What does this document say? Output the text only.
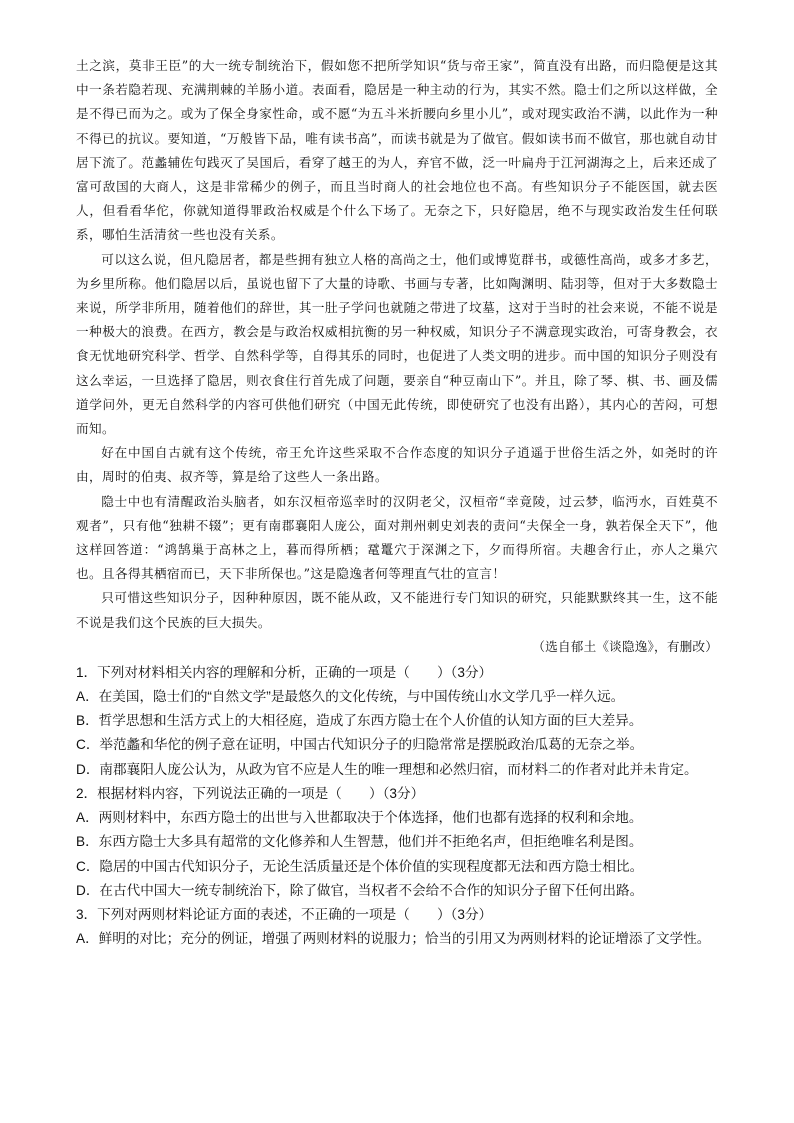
土之滨，莫非王臣”的大一统专制统治下，假如您不把所学知识“货与帝王家”，简直没有出路，而归隐便是这其中一条若隐若现、充满荆棘的羊肠小道。表面看，隐居是一种主动的行为，其实不然。隐士们之所以这样做，全是不得已而为之。或为了保全身家性命，或不愿“为五斗米折腰向乡里小儿”，或对现实政治不满，以此作为一种不得已的抗议。要知道，“万般皆下品，唯有读书高”，而读书就是为了做官。假如读书而不做官，那也就自动甘居下流了。范蠡辅佐句践灭了吴国后，看穿了越王的为人，弃官不做，泛一叶扁舟于江河湖海之上，后来还成了富可敌国的大商人，这是非常稀少的例子，而且当时商人的社会地位也不高。有些知识分子不能医国，就去医人，但看看华佗，你就知道得罪政治权威是个什么下场了。无奈之下，只好隐居，绝不与现实政治发生任何联系，哪怕生活清贫一些也没有关系。

可以这么说，但凡隐居者，都是些拥有独立人格的高尚之士，他们或博览群书，或德性高尚，或多才多艺，为乡里所称。他们隐居以后，虽说也留下了大量的诗歌、书画与专著，比如陶渊明、陆羽等，但对于大多数隐士来说，所学非所用，随着他们的辞世，其一肚子学问也就随之带进了坟墓，这对于当时的社会来说，不能不说是一种极大的浪费。在西方，教会是与政治权威相抗衡的另一种权威，知识分子不满意现实政治，可寄身教会，衣食无忧地研究科学、哲学、自然科学等，自得其乐的同时，也促进了人类文明的进步。而中国的知识分子则没有这么幸运，一旦选择了隐居，则衣食住行首先成了问题，要亲自“种豆南山下”。并且，除了琴、棋、书、画及儒道学问外，更无自然科学的内容可供他们研究（中国无此传统，即使研究了也没有出路），其内心的苦闷，可想而知。

好在中国自古就有这个传统，帝王允许这些采取不合作态度的知识分子逍遥于世俗生活之外，如尧时的许由，周时的伯夷、叔齐等，算是给了这些人一条出路。

隐士中也有清醒政治头脑者，如东汉桓帝巡幸时的汉阴老父，汉桓帝“幸竟陵，过云梦，临沔水，百姓莫不观者”，只有他“独耕不辍”；更有南郡襄阳人庞公，面对荆州刺史刘表的责问“夫保全一身，孰若保全天下”，他这样回答道：“鸿鹄巢于高林之上，暮而得所栖；鼋鼍穴于深渊之下，夕而得所宿。夫趣舍行止，亦人之巢穴也。且各得其栖宿而已，天下非所保也。”这是隐逸者何等理直气壮的宣言！

只可惜这些知识分子，因种种原因，既不能从政，又不能进行专门知识的研究，只能默默终其一生，这不能不说是我们这个民族的巨大损失。

（选自郁土《谈隐逸》，有删改）

1．下列对材料相关内容的理解和分析，正确的一项是（　　）（3分）

A．在美国，隐士们的“自然文学”是最悠久的文化传统，与中国传统山水文学几乎一样久远。

B．哲学思想和生活方式上的大相径庭，造成了东西方隐士在个人价值的认知方面的巨大差异。

C．举范蠡和华佗的例子意在证明，中国古代知识分子的归隐常常是摆脱政治瓜葛的无奈之举。

D．南郡襄阳人庞公认为，从政为官不应是人生的唯一理想和必然归宿，而材料二的作者对此并未肯定。

2．根据材料内容，下列说法正确的一项是（　　）（3分）

A．两则材料中，东西方隐士的出世与入世都取决于个体选择，他们也都有选择的权利和余地。

B．东西方隐士大多具有超常的文化修养和人生智慧，他们并不拒绝名声，但拒绝唯名利是图。

C．隐居的中国古代知识分子，无论生活质量还是个体价值的实现程度都无法和西方隐士相比。

D．在古代中国大一统专制统治下，除了做官，当权者不会给不合作的知识分子留下任何出路。

3．下列对两则材料论证方面的表述，不正确的一项是（　　）（3分）

A．鲜明的对比；充分的例证，增强了两则材料的说服力；恰当的引用又为两则材料的论证增添了文学性。
